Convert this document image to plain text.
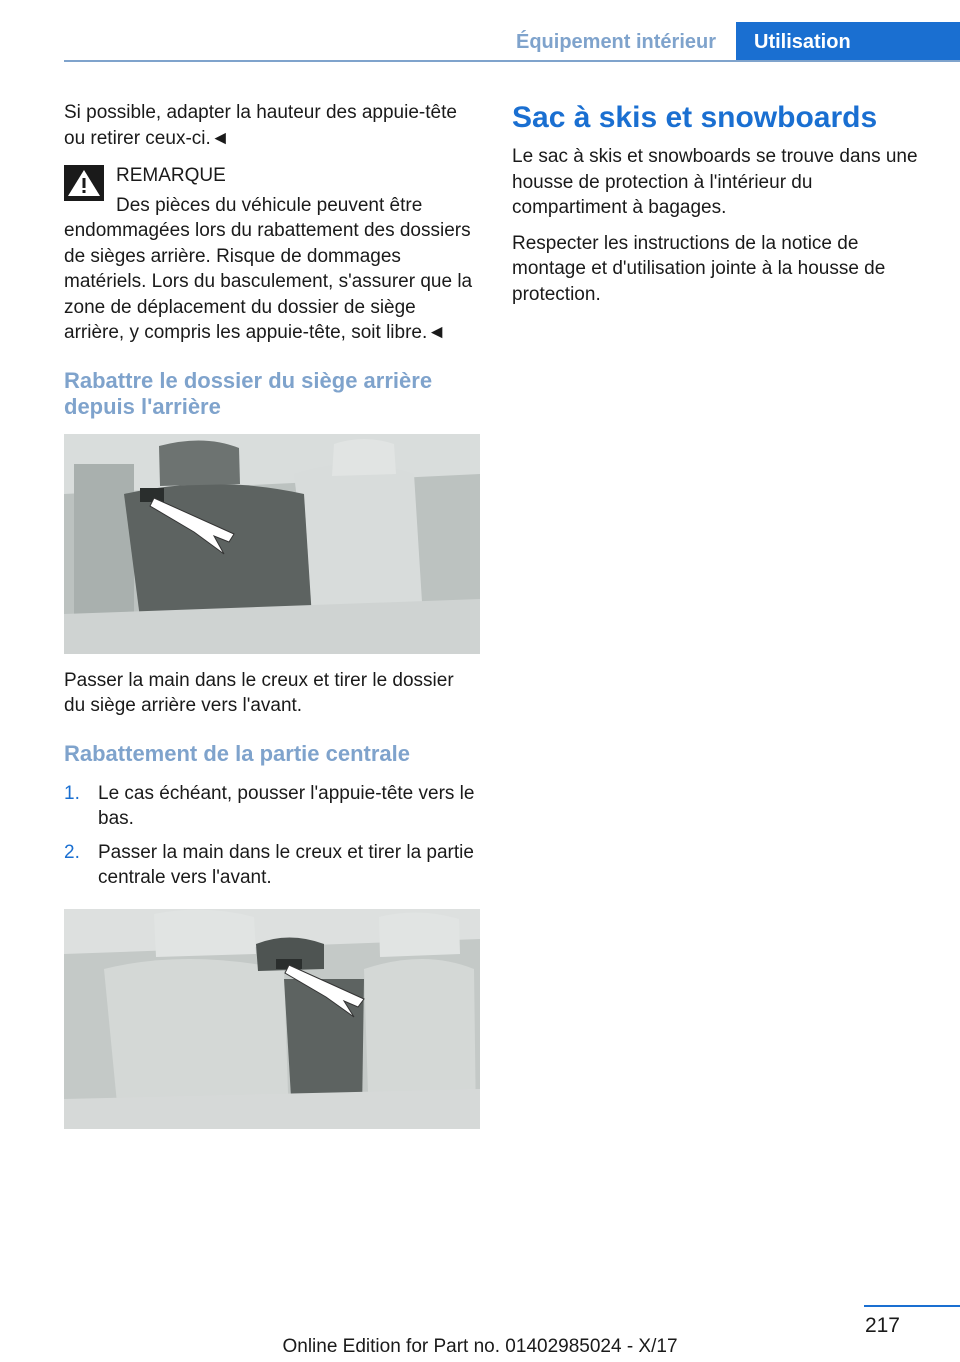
Équipement intérieur	Utilisation

Si possible, adapter la hauteur des appuie-tête ou retirer ceux-ci.◄

REMARQUE

Des pièces du véhicule peuvent être endommagées lors du rabattement des dossiers de sièges arrière. Risque de dommages matériels. Lors du basculement, s'assurer que la zone de déplacement du dossier de siège arrière, y compris les appuie-tête, soit libre.◄

Rabattre le dossier du siège arrière depuis l'arrière

Passer la main dans le creux et tirer le dossier du siège arrière vers l'avant.

Rabattement de la partie centrale
1. Le cas échéant, pousser l'appuie-tête vers le bas.
2. Passer la main dans le creux et tirer la partie centrale vers l'avant.
Sac à skis et snowboards

Le sac à skis et snowboards se trouve dans une housse de protection à l'intérieur du compartiment à bagages.

Respecter les instructions de la notice de montage et d'utilisation jointe à la housse de protection.

217
Online Edition for Part no. 01402985024 - X/17
